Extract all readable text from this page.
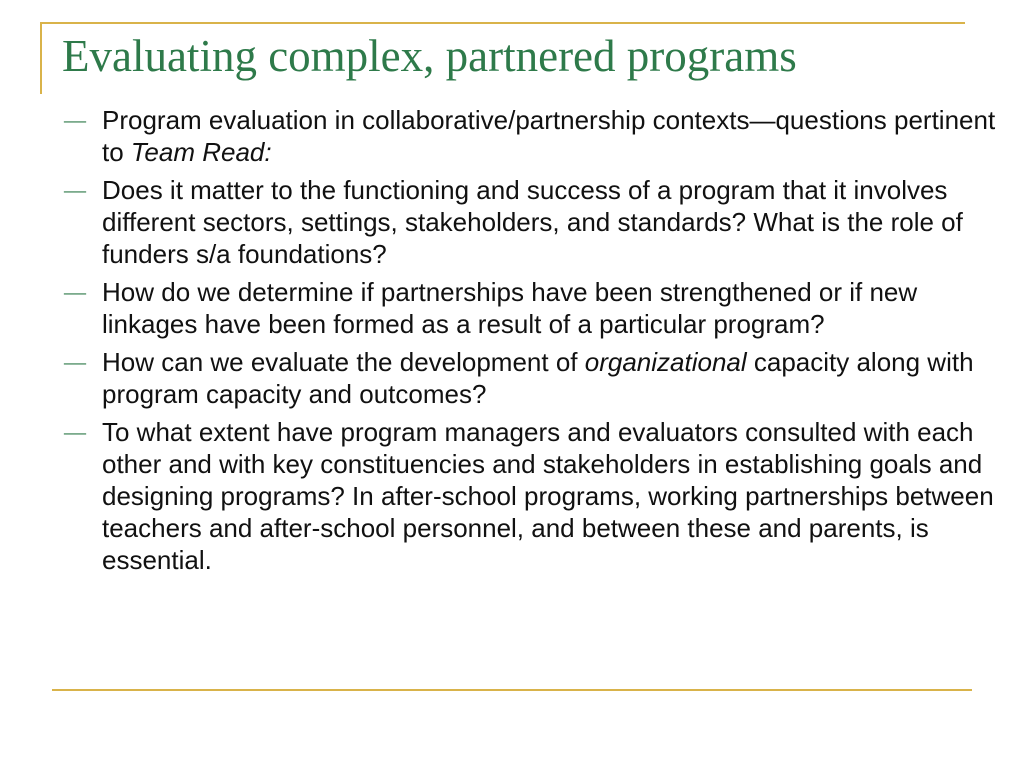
Evaluating complex, partnered programs
— Program evaluation in collaborative/partnership contexts—questions pertinent to Team Read:
— Does it matter to the functioning and success of a program that it involves different sectors, settings, stakeholders, and standards? What is the role of funders s/a foundations?
— How do we determine if partnerships have been strengthened or if new linkages have been formed as a result of a particular program?
— How can we evaluate the development of organizational capacity along with program capacity and outcomes?
— To what extent have program managers and evaluators consulted with each other and with key constituencies and stakeholders in establishing goals and designing programs? In after-school programs, working partnerships between teachers and after-school personnel, and between these and parents, is essential.
